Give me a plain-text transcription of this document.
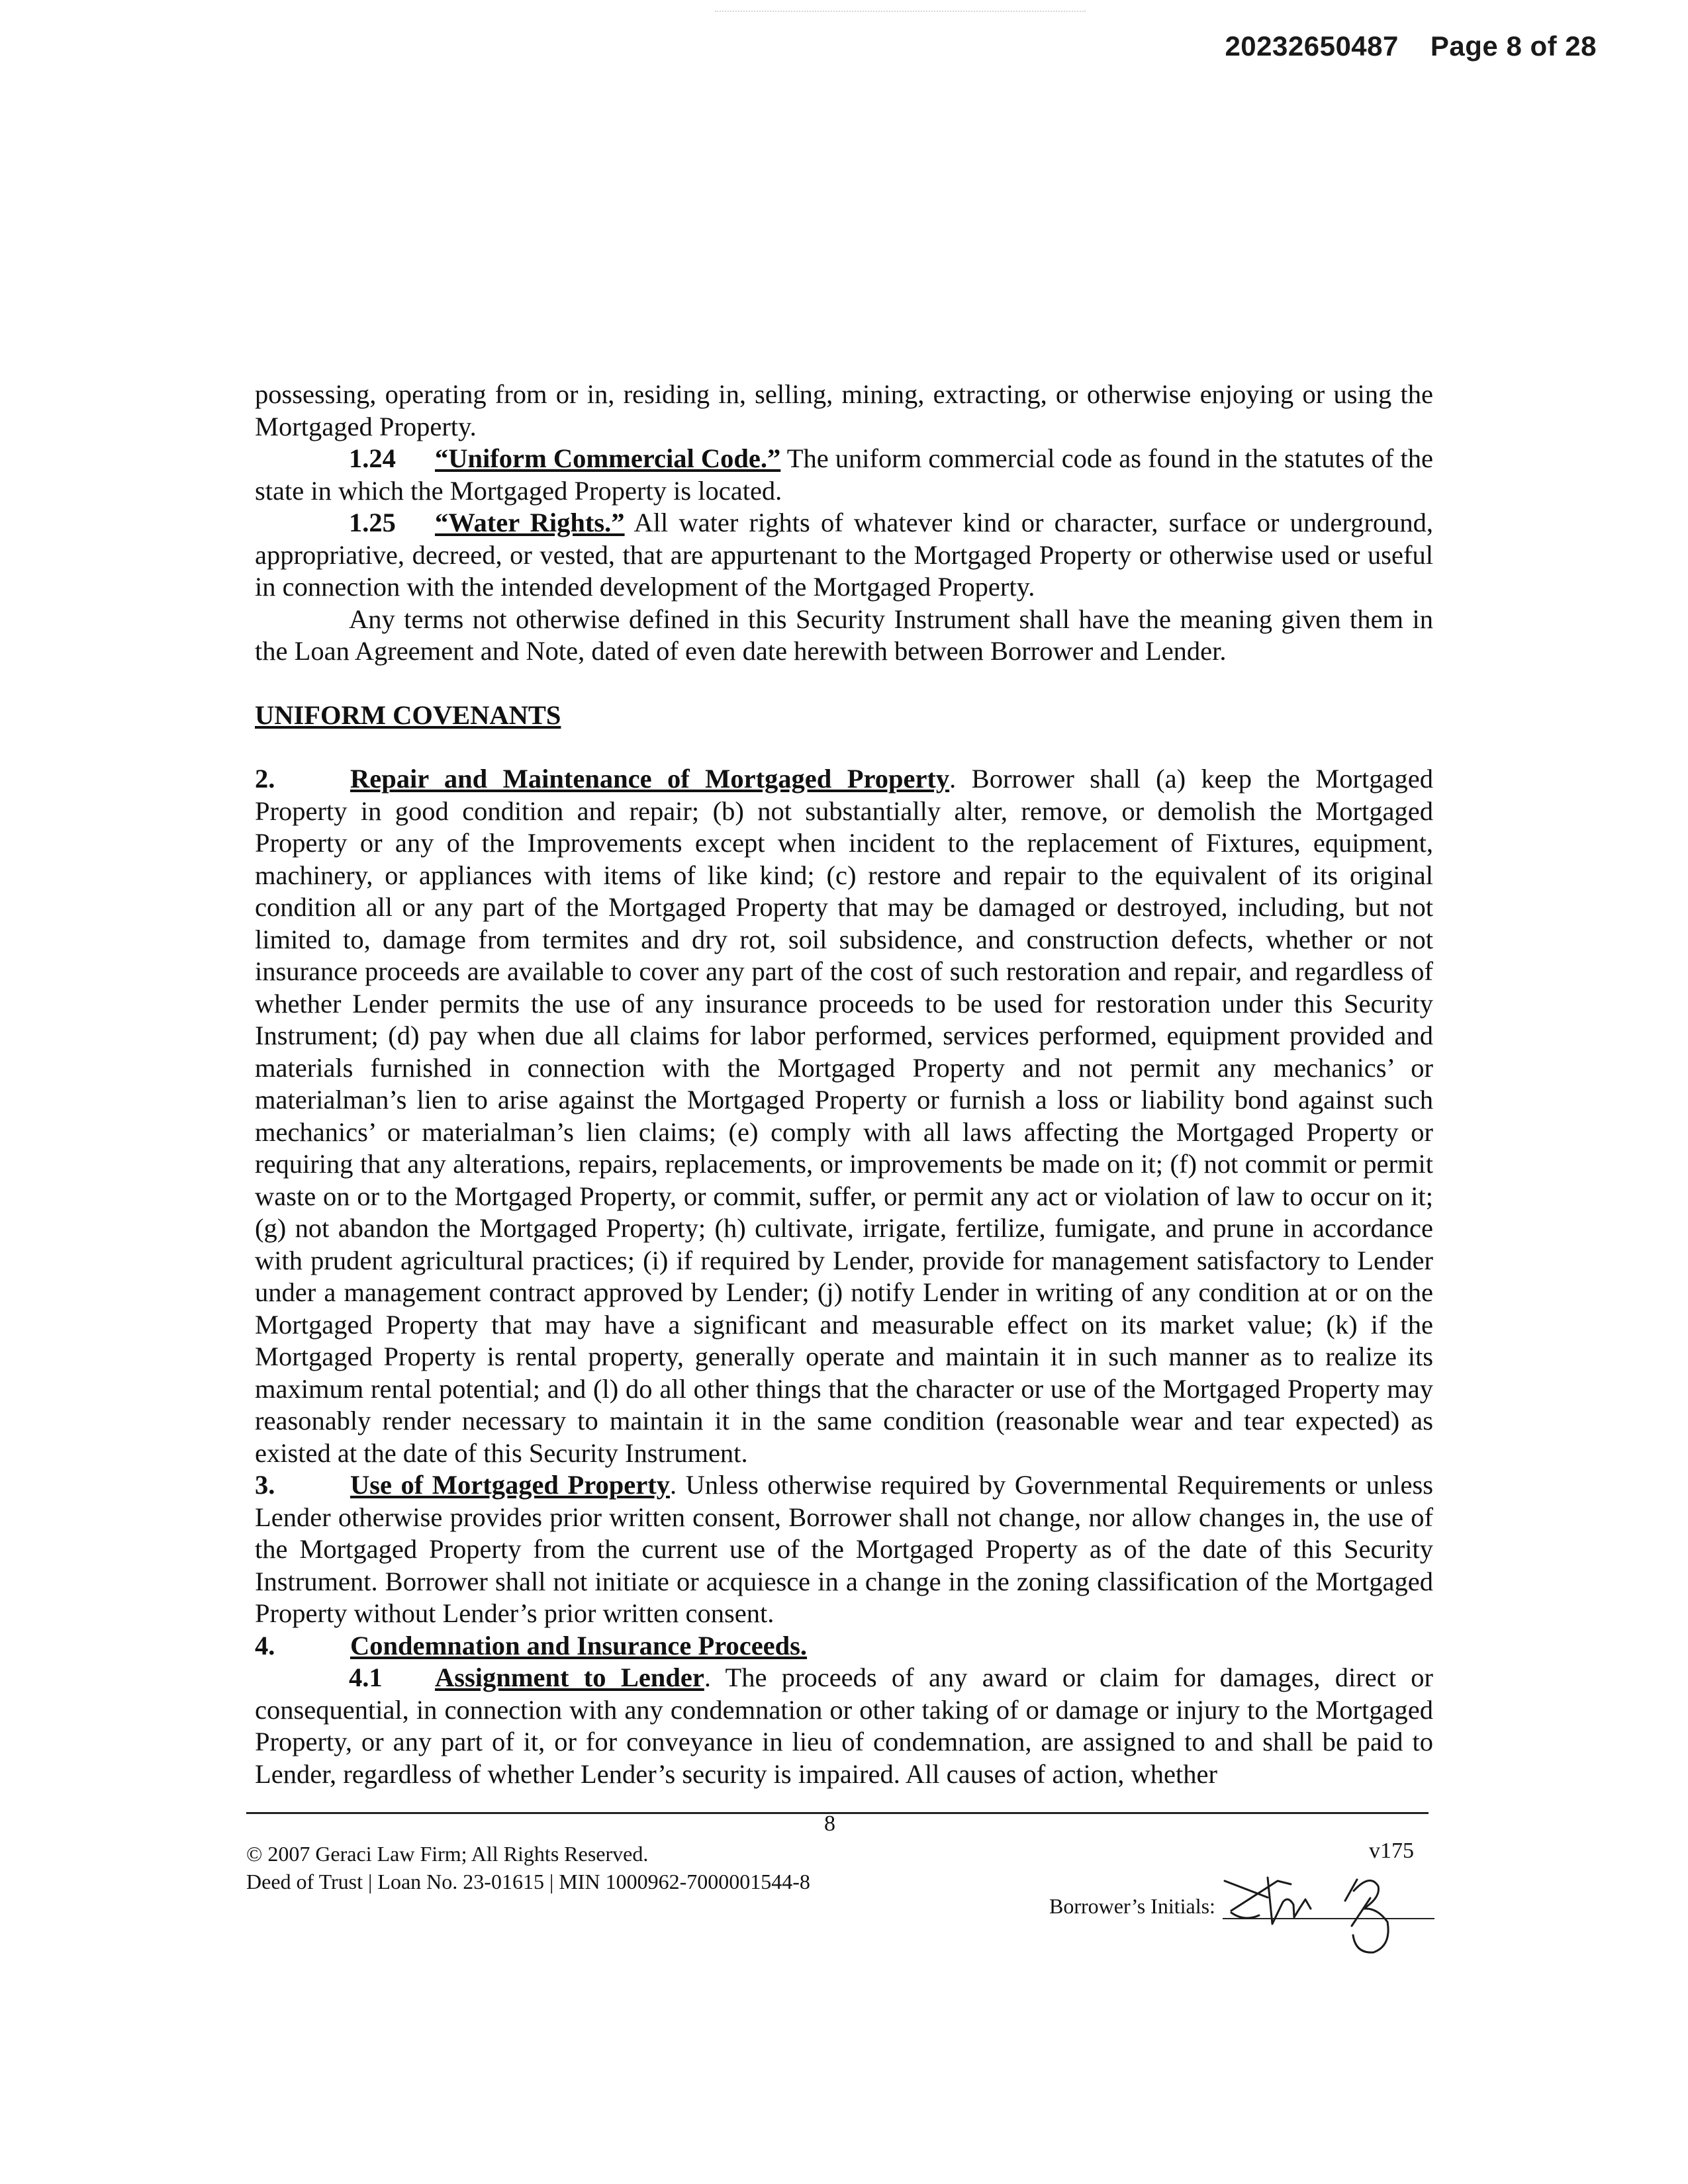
20232650487 Page 8 of 28

possessing, operating from or in, residing in, selling, mining, extracting, or otherwise enjoying or using the Mortgaged Property.

1.24 “Uniform Commercial Code.” The uniform commercial code as found in the statutes of the state in which the Mortgaged Property is located.

1.25 “Water Rights.” All water rights of whatever kind or character, surface or underground, appropriative, decreed, or vested, that are appurtenant to the Mortgaged Property or otherwise used or useful in connection with the intended development of the Mortgaged Property.

Any terms not otherwise defined in this Security Instrument shall have the meaning given them in the Loan Agreement and Note, dated of even date herewith between Borrower and Lender.

UNIFORM COVENANTS

2.	Repair and Maintenance of Mortgaged Property. Borrower shall (a) keep the Mortgaged Property in good condition and repair; (b) not substantially alter, remove, or demolish the Mortgaged Property or any of the Improvements except when incident to the replacement of Fixtures, equipment, machinery, or appliances with items of like kind; (c) restore and repair to the equivalent of its original condition all or any part of the Mortgaged Property that may be damaged or destroyed, including, but not limited to, damage from termites and dry rot, soil subsidence, and construction defects, whether or not insurance proceeds are available to cover any part of the cost of such restoration and repair, and regardless of whether Lender permits the use of any insurance proceeds to be used for restoration under this Security Instrument; (d) pay when due all claims for labor performed, services performed, equipment provided and materials furnished in connection with the Mortgaged Property and not permit any mechanics’ or materialman’s lien to arise against the Mortgaged Property or furnish a loss or liability bond against such mechanics’ or materialman’s lien claims; (e) comply with all laws affecting the Mortgaged Property or requiring that any alterations, repairs, replacements, or improvements be made on it; (f) not commit or permit waste on or to the Mortgaged Property, or commit, suffer, or permit any act or violation of law to occur on it; (g) not abandon the Mortgaged Property; (h) cultivate, irrigate, fertilize, fumigate, and prune in accordance with prudent agricultural practices; (i) if required by Lender, provide for management satisfactory to Lender under a management contract approved by Lender; (j) notify Lender in writing of any condition at or on the Mortgaged Property that may have a significant and measurable effect on its market value; (k) if the Mortgaged Property is rental property, generally operate and maintain it in such manner as to realize its maximum rental potential; and (l) do all other things that the character or use of the Mortgaged Property may reasonably render necessary to maintain it in the same condition (reasonable wear and tear expected) as existed at the date of this Security Instrument.

3.	Use of Mortgaged Property. Unless otherwise required by Governmental Requirements or unless Lender otherwise provides prior written consent, Borrower shall not change, nor allow changes in, the use of the Mortgaged Property from the current use of the Mortgaged Property as of the date of this Security Instrument. Borrower shall not initiate or acquiesce in a change in the zoning classification of the Mortgaged Property without Lender’s prior written consent.

4.	Condemnation and Insurance Proceeds.

4.1 Assignment to Lender. The proceeds of any award or claim for damages, direct or consequential, in connection with any condemnation or other taking of or damage or injury to the Mortgaged Property, or any part of it, or for conveyance in lieu of condemnation, are assigned to and shall be paid to Lender, regardless of whether Lender’s security is impaired. All causes of action, whether

8
© 2007 Geraci Law Firm; All Rights Reserved.
Deed of Trust | Loan No. 23-01615 | MIN 1000962-7000001544-8
v175
Borrower’s Initials:
